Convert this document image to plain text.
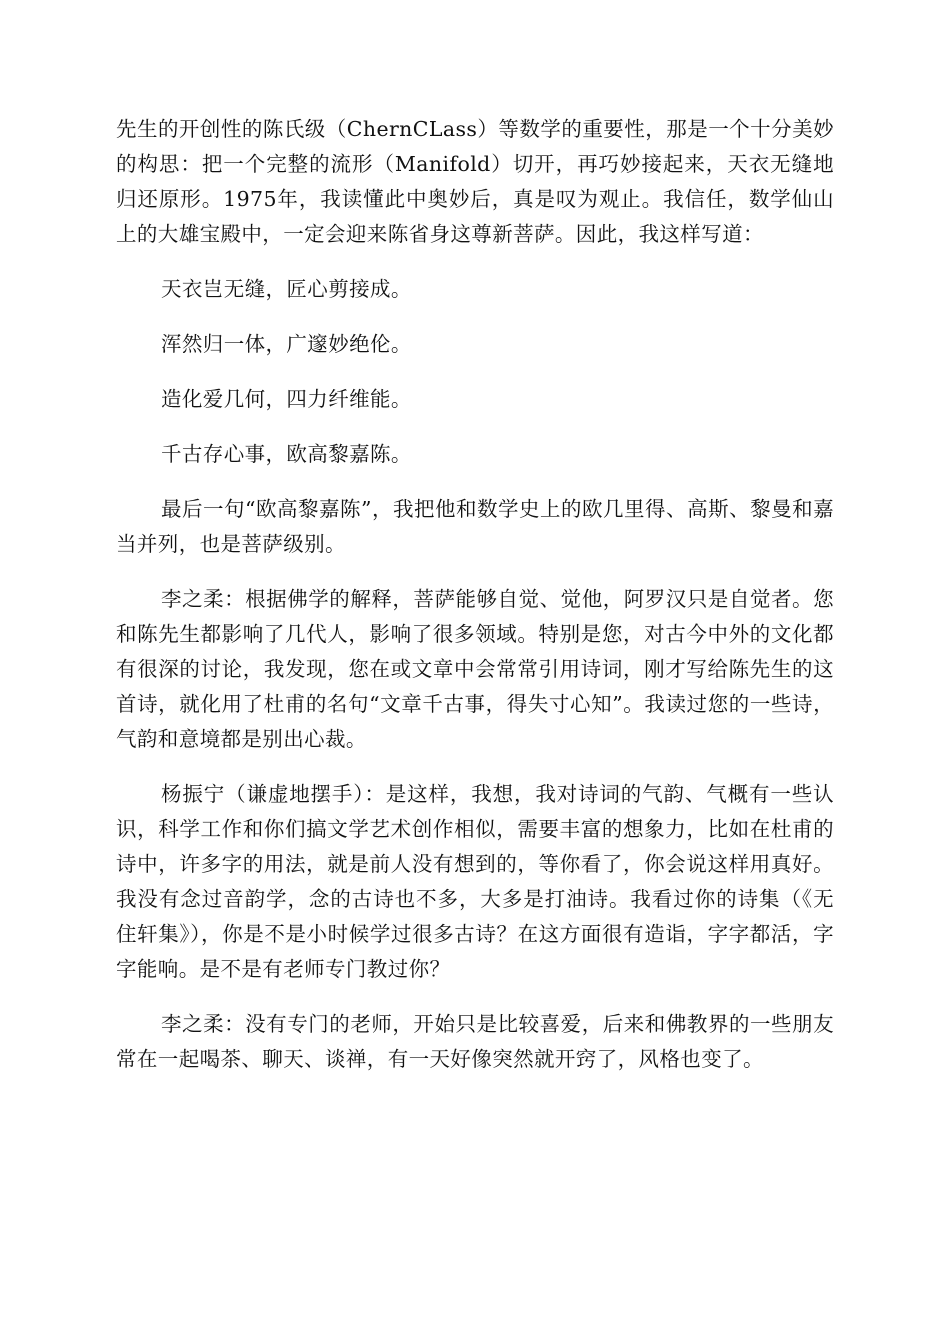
先生的开创性的陈氏级（ChernCLass）等数学的重要性，那是一个十分美妙的构思：把一个完整的流形（Manifold）切开，再巧妙接起来，天衣无缝地归还原形。1975年，我读懂此中奥妙后，真是叹为观止。我信任，数学仙山上的大雄宝殿中，一定会迎来陈省身这尊新菩萨。因此，我这样写道：

天衣岂无缝，匠心剪接成。

浑然归一体，广邃妙绝伦。

造化爱几何，四力纤维能。

千古存心事，欧高黎嘉陈。

最后一句“欧高黎嘉陈”，我把他和数学史上的欧几里得、高斯、黎曼和嘉当并列，也是菩萨级别。

李之柔：根据佛学的解释，菩萨能够自觉、觉他，阿罗汉只是自觉者。您和陈先生都影响了几代人，影响了很多领域。特别是您，对古今中外的文化都有很深的讨论，我发现，您在或文章中会常常引用诗词，刚才写给陈先生的这首诗，就化用了杜甫的名句“文章千古事，得失寸心知”。我读过您的一些诗，气韵和意境都是别出心裁。

杨振宁（谦虚地摆手）：是这样，我想，我对诗词的气韵、气概有一些认识，科学工作和你们搞文学艺术创作相似，需要丰富的想象力，比如在杜甫的诗中，许多字的用法，就是前人没有想到的，等你看了，你会说这样用真好。我没有念过音韵学，念的古诗也不多，大多是打油诗。我看过你的诗集（《无住轩集》），你是不是小时候学过很多古诗？在这方面很有造诣，字字都活，字字能响。是不是有老师专门教过你？

李之柔：没有专门的老师，开始只是比较喜爱，后来和佛教界的一些朋友常在一起喝茶、聊天、谈禅，有一天好像突然就开窍了，风格也变了。
